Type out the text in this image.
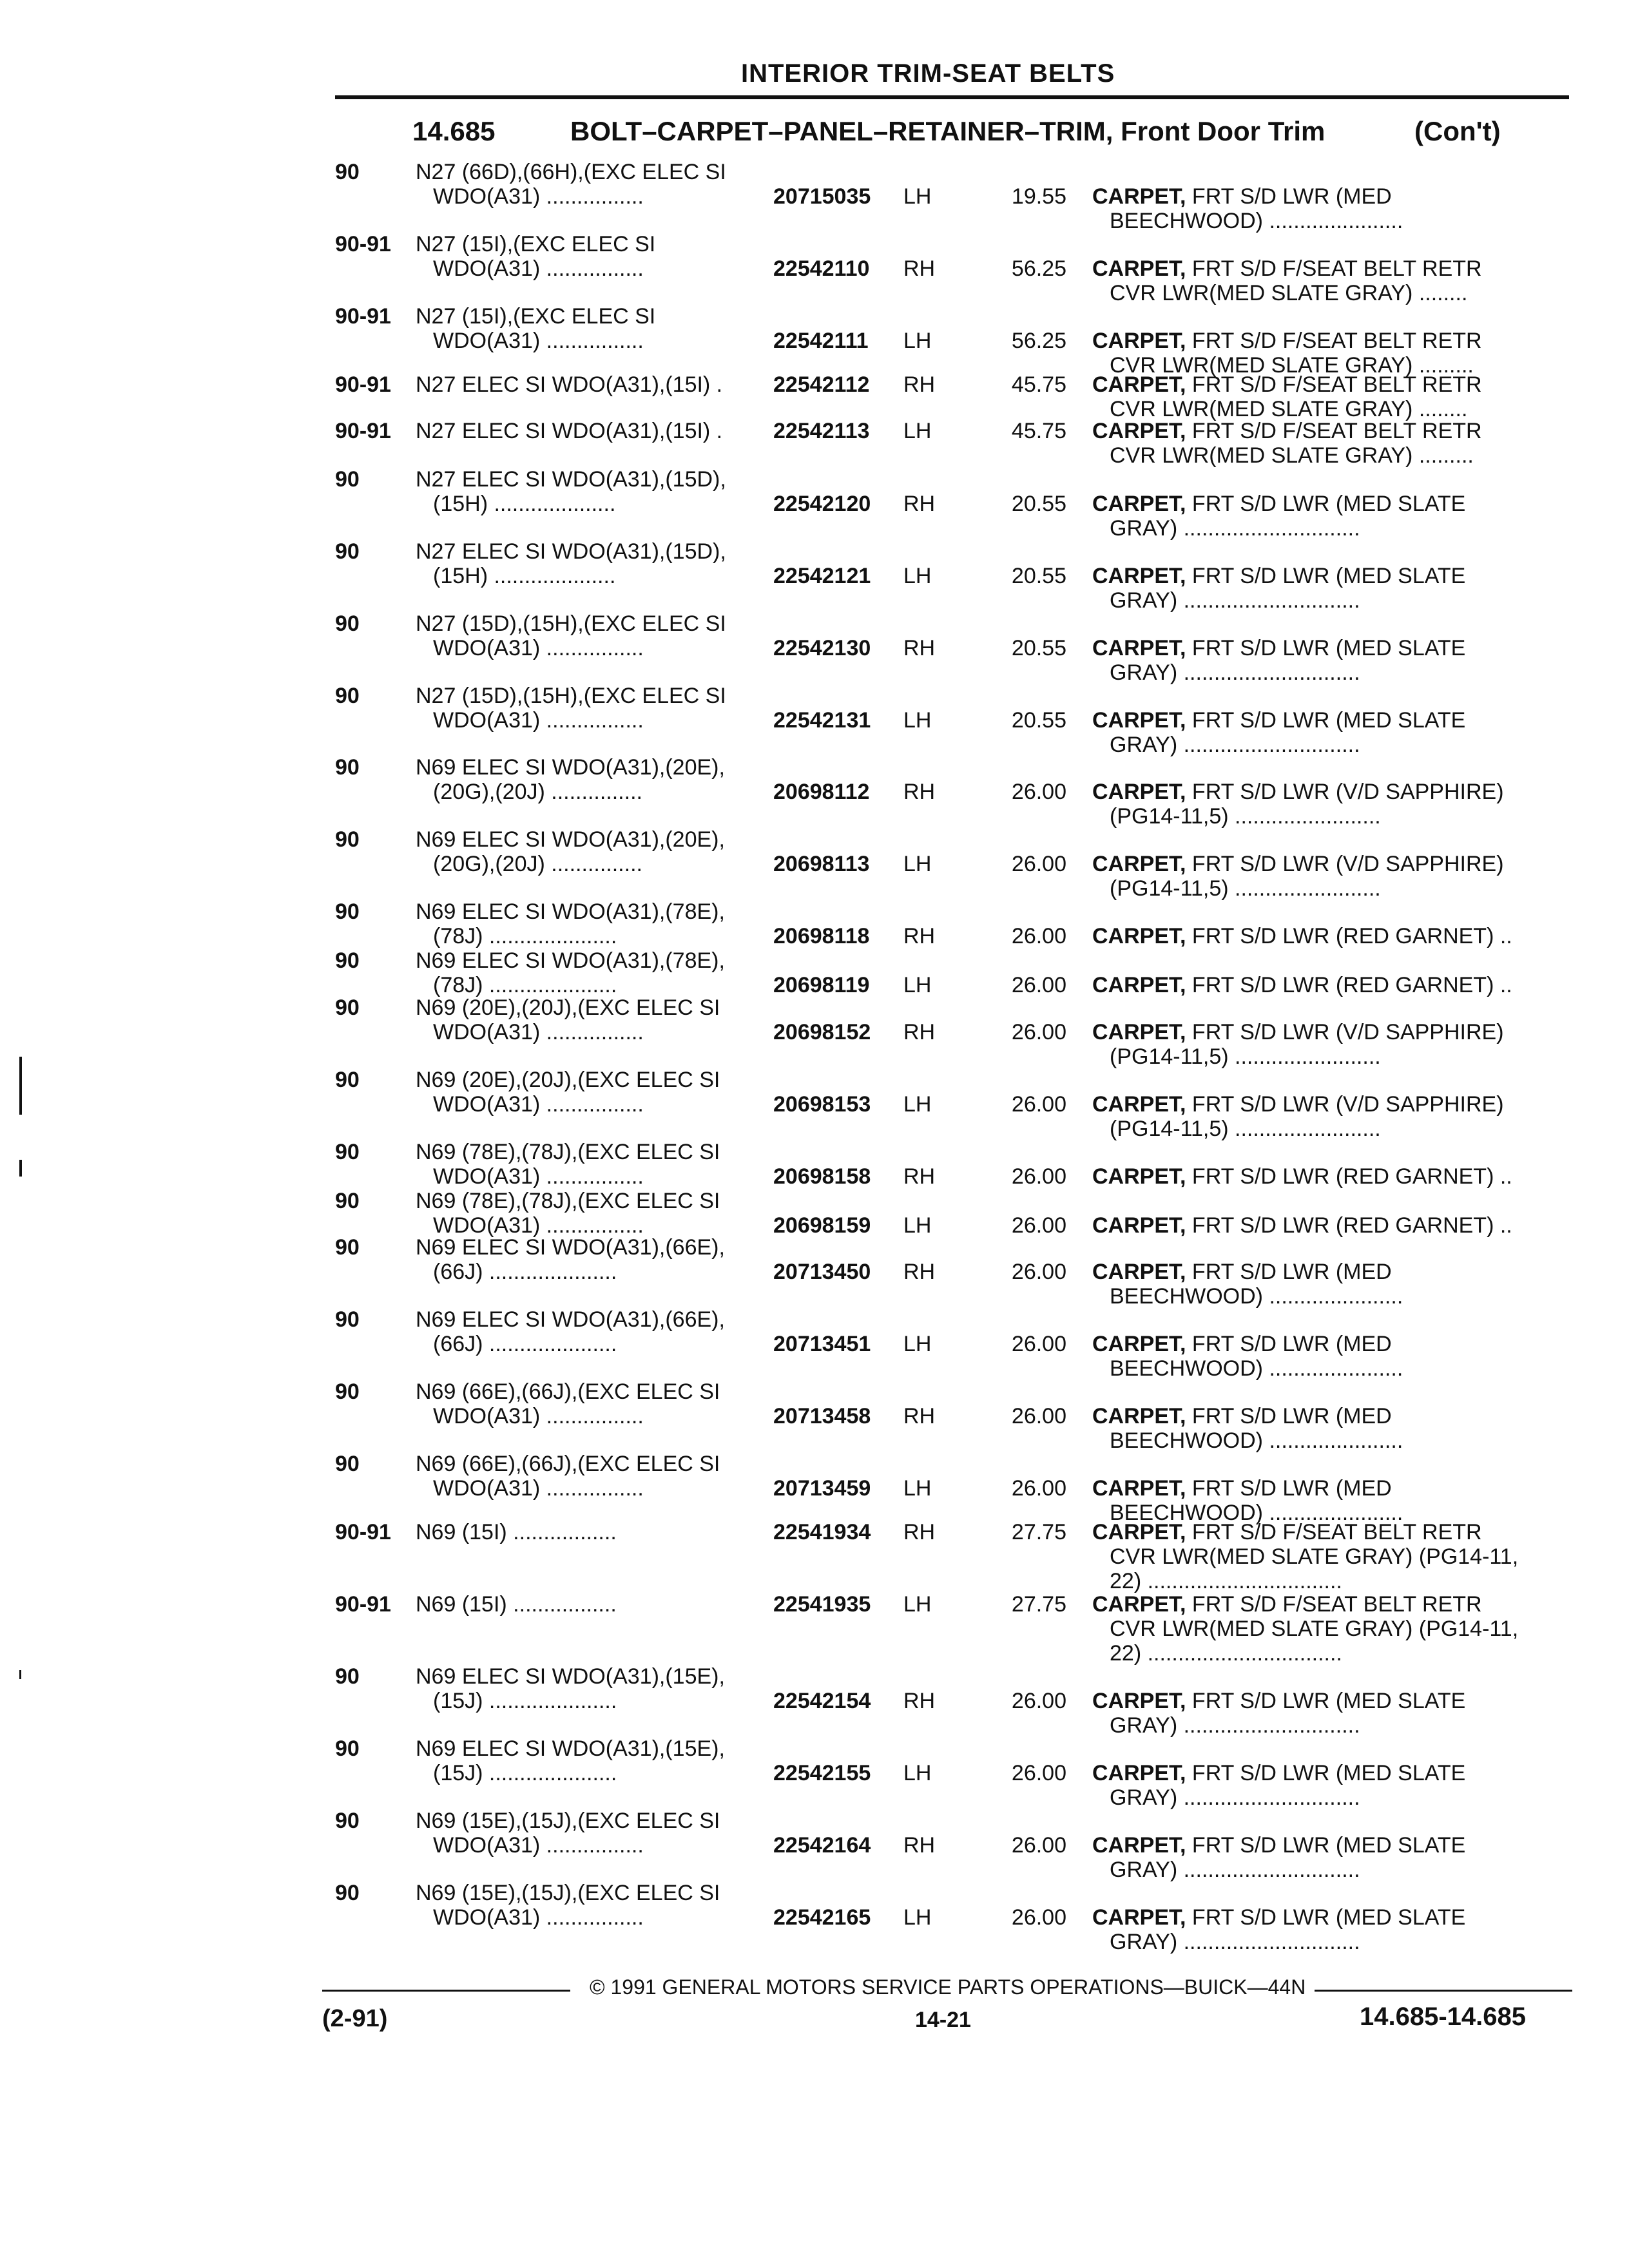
INTERIOR TRIM-SEAT BELTS
14.685	BOLT–CARPET–PANEL–RETAINER–TRIM, Front Door Trim	(Con't)
90	N27 (66D),(66H),(EXC ELEC SI
WDO(A31) ................	20715035 LH	19.55 CARPET, FRT S/D LWR (MED
BEECHWOOD) ......................
90-91 N27 (15I),(EXC ELEC SI
WDO(A31) ................	22542110 RH	56.25 CARPET, FRT S/D F/SEAT BELT RETR
CVR LWR(MED SLATE GRAY) ........
90-91 N27 (15I),(EXC ELEC SI
WDO(A31) ................	22542111 LH	56.25 CARPET, FRT S/D F/SEAT BELT RETR
CVR LWR(MED SLATE GRAY) .........
90-91 N27 ELEC SI WDO(A31),(15I) .	22542112 RH	45.75 CARPET, FRT S/D F/SEAT BELT RETR
CVR LWR(MED SLATE GRAY) ........
90-91 N27 ELEC SI WDO(A31),(15I) .	22542113 LH	45.75 CARPET, FRT S/D F/SEAT BELT RETR
CVR LWR(MED SLATE GRAY) .........
90	N27 ELEC SI WDO(A31),(15D),
(15H) ....................	22542120 RH	20.55 CARPET, FRT S/D LWR (MED SLATE
GRAY) .............................
90	N27 ELEC SI WDO(A31),(15D),
(15H) ....................	22542121 LH	20.55 CARPET, FRT S/D LWR (MED SLATE
GRAY) .............................
90	N27 (15D),(15H),(EXC ELEC SI
WDO(A31) ................	22542130 RH	20.55 CARPET, FRT S/D LWR (MED SLATE
GRAY) .............................
90	N27 (15D),(15H),(EXC ELEC SI
WDO(A31) ................	22542131 LH	20.55 CARPET, FRT S/D LWR (MED SLATE
GRAY) .............................
90	N69 ELEC SI WDO(A31),(20E),
(20G),(20J) ...............	20698112 RH	26.00 CARPET, FRT S/D LWR (V/D SAPPHIRE)
(PG14-11,5) ........................
90	N69 ELEC SI WDO(A31),(20E),
(20G),(20J) ...............	20698113 LH	26.00 CARPET, FRT S/D LWR (V/D SAPPHIRE)
(PG14-11,5) ........................
90	N69 ELEC SI WDO(A31),(78E),
(78J) .....................	20698118 RH	26.00 CARPET, FRT S/D LWR (RED GARNET) ..
90	N69 ELEC SI WDO(A31),(78E),
(78J) .....................	20698119 LH	26.00 CARPET, FRT S/D LWR (RED GARNET) ..
90	N69 (20E),(20J),(EXC ELEC SI
WDO(A31) ................	20698152 RH	26.00 CARPET, FRT S/D LWR (V/D SAPPHIRE)
(PG14-11,5) ........................
90	N69 (20E),(20J),(EXC ELEC SI
WDO(A31) ................	20698153 LH	26.00 CARPET, FRT S/D LWR (V/D SAPPHIRE)
(PG14-11,5) ........................
90	N69 (78E),(78J),(EXC ELEC SI
WDO(A31) ................	20698158 RH	26.00 CARPET, FRT S/D LWR (RED GARNET) ..
90	N69 (78E),(78J),(EXC ELEC SI
WDO(A31) ................	20698159 LH	26.00 CARPET, FRT S/D LWR (RED GARNET) ..
90	N69 ELEC SI WDO(A31),(66E),
(66J) .....................	20713450 RH	26.00 CARPET, FRT S/D LWR (MED
BEECHWOOD) ......................
90	N69 ELEC SI WDO(A31),(66E),
(66J) .....................	20713451 LH	26.00 CARPET, FRT S/D LWR (MED
BEECHWOOD) ......................
90	N69 (66E),(66J),(EXC ELEC SI
WDO(A31) ................	20713458 RH	26.00 CARPET, FRT S/D LWR (MED
BEECHWOOD) ......................
90	N69 (66E),(66J),(EXC ELEC SI
WDO(A31) ................	20713459 LH	26.00 CARPET, FRT S/D LWR (MED
BEECHWOOD) ......................
90-91 N69 (15I) .................	22541934 RH	27.75 CARPET, FRT S/D F/SEAT BELT RETR
CVR LWR(MED SLATE GRAY) (PG14-11,
22) ................................
90-91 N69 (15I) .................	22541935 LH	27.75 CARPET, FRT S/D F/SEAT BELT RETR
CVR LWR(MED SLATE GRAY) (PG14-11,
22) ................................
90	N69 ELEC SI WDO(A31),(15E),
(15J) .....................	22542154 RH	26.00 CARPET, FRT S/D LWR (MED SLATE
GRAY) .............................
90	N69 ELEC SI WDO(A31),(15E),
(15J) .....................	22542155 LH	26.00 CARPET, FRT S/D LWR (MED SLATE
GRAY) .............................
90	N69 (15E),(15J),(EXC ELEC SI
WDO(A31) ................	22542164 RH	26.00 CARPET, FRT S/D LWR (MED SLATE
GRAY) .............................
90	N69 (15E),(15J),(EXC ELEC SI
WDO(A31) ................	22542165 LH	26.00 CARPET, FRT S/D LWR (MED SLATE
GRAY) .............................
© 1991 GENERAL MOTORS SERVICE PARTS OPERATIONS—BUICK—44N
(2-91)	14-21	14.685-14.685
